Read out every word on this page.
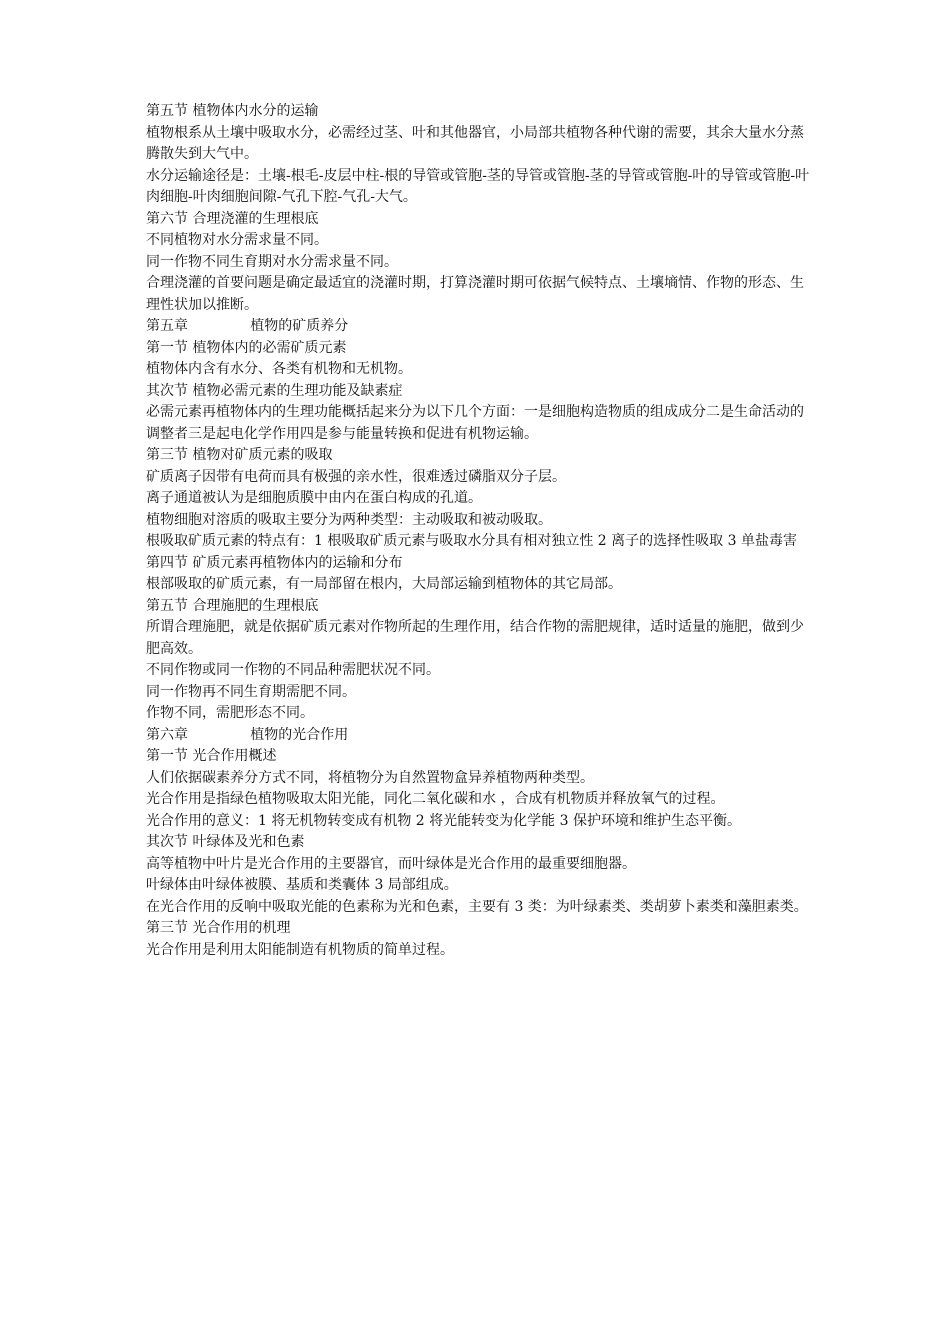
第五节 植物体内水分的运输

植物根系从土壤中吸取水分，必需经过茎、叶和其他器官，小局部共植物各种代谢的需要，其余大量水分蒸腾散失到大气中。

水分运输途径是：土壤-根毛-皮层中柱-根的导管或管胞-茎的导管或管胞-茎的导管或管胞-叶的导管或管胞-叶肉细胞-叶肉细胞间隙-气孔下腔-气孔-大气。

第六节 合理浇灌的生理根底

不同植物对水分需求量不同。

同一作物不同生育期对水分需求量不同。

合理浇灌的首要问题是确定最适宜的浇灌时期，打算浇灌时期可依据气候特点、土壤墒情、作物的形态、生理性状加以推断。

第五章              植物的矿质养分

第一节 植物体内的必需矿质元素

植物体内含有水分、各类有机物和无机物。

其次节 植物必需元素的生理功能及缺素症

必需元素再植物体内的生理功能概括起来分为以下几个方面：一是细胞构造物质的组成成分二是生命活动的调整者三是起电化学作用四是参与能量转换和促进有机物运输。

第三节 植物对矿质元素的吸取

矿质离子因带有电荷而具有极强的亲水性，很难透过磷脂双分子层。

离子通道被认为是细胞质膜中由内在蛋白构成的孔道。

植物细胞对溶质的吸取主要分为两种类型：主动吸取和被动吸取。

根吸取矿质元素的特点有：1 根吸取矿质元素与吸取水分具有相对独立性 2 离子的选择性吸取 3 单盐毒害

第四节 矿质元素再植物体内的运输和分布

根部吸取的矿质元素，有一局部留在根内，大局部运输到植物体的其它局部。

第五节 合理施肥的生理根底

所谓合理施肥，就是依据矿质元素对作物所起的生理作用，结合作物的需肥规律，适时适量的施肥，做到少肥高效。

不同作物或同一作物的不同品种需肥状况不同。

同一作物再不同生育期需肥不同。

作物不同，需肥形态不同。

第六章              植物的光合作用

第一节 光合作用概述

人们依据碳素养分方式不同，将植物分为自然置物盒异养植物两种类型。

光合作用是指绿色植物吸取太阳光能，同化二氧化碳和水 ，合成有机物质并释放氧气的过程。

光合作用的意义：1 将无机物转变成有机物 2 将光能转变为化学能 3 保护环境和维护生态平衡。

其次节 叶绿体及光和色素

高等植物中叶片是光合作用的主要器官，而叶绿体是光合作用的最重要细胞器。

叶绿体由叶绿体被膜、基质和类囊体 3 局部组成。

在光合作用的反响中吸取光能的色素称为光和色素，主要有 3 类：为叶绿素类、类胡萝卜素类和藻胆素类。

第三节 光合作用的机理

光合作用是利用太阳能制造有机物质的简单过程。
